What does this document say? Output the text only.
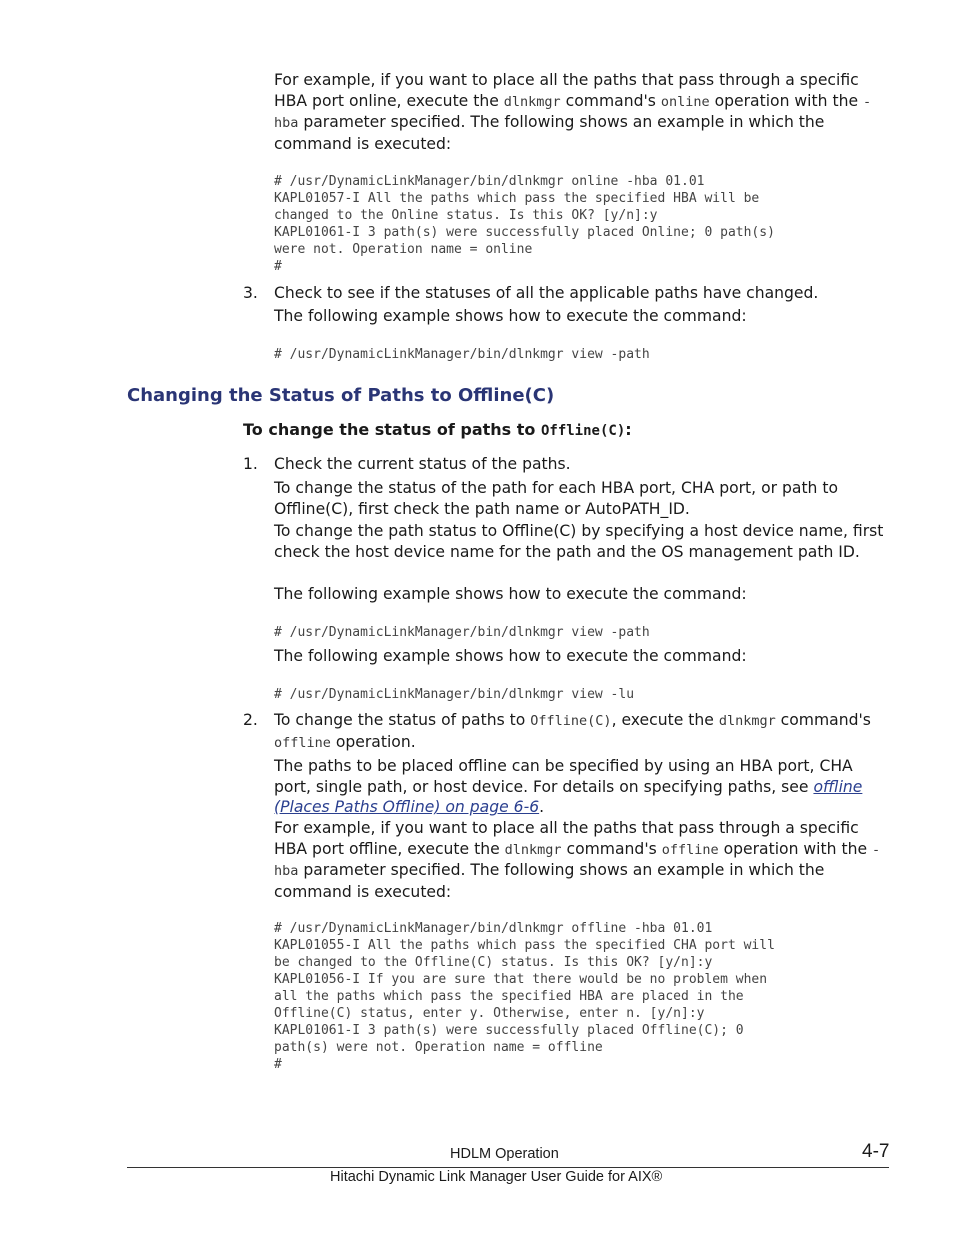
For example, if you want to place all the paths that pass through a specific HBA port online, execute the dlnkmgr command's online operation with the -hba parameter specified. The following shows an example in which the command is executed:
# /usr/DynamicLinkManager/bin/dlnkmgr online -hba 01.01
KAPL01057-I All the paths which pass the specified HBA will be
changed to the Online status. Is this OK? [y/n]:y
KAPL01061-I 3 path(s) were successfully placed Online; 0 path(s)
were not. Operation name = online
#
3. Check to see if the statuses of all the applicable paths have changed.
The following example shows how to execute the command:
# /usr/DynamicLinkManager/bin/dlnkmgr view -path
Changing the Status of Paths to Offline(C)
To change the status of paths to Offline(C):
1. Check the current status of the paths.
To change the status of the path for each HBA port, CHA port, or path to Offline(C), first check the path name or AutoPATH_ID.
To change the path status to Offline(C) by specifying a host device name, first check the host device name for the path and the OS management path ID.
The following example shows how to execute the command:
# /usr/DynamicLinkManager/bin/dlnkmgr view -path
The following example shows how to execute the command:
# /usr/DynamicLinkManager/bin/dlnkmgr view -lu
2. To change the status of paths to Offline(C), execute the dlnkmgr command's offline operation.
The paths to be placed offline can be specified by using an HBA port, CHA port, single path, or host device. For details on specifying paths, see offline (Places Paths Offline) on page 6-6.
For example, if you want to place all the paths that pass through a specific HBA port offline, execute the dlnkmgr command's offline operation with the -hba parameter specified. The following shows an example in which the command is executed:
# /usr/DynamicLinkManager/bin/dlnkmgr offline -hba 01.01
KAPL01055-I All the paths which pass the specified CHA port will
be changed to the Offline(C) status. Is this OK? [y/n]:y
KAPL01056-I If you are sure that there would be no problem when
all the paths which pass the specified HBA are placed in the
Offline(C) status, enter y. Otherwise, enter n. [y/n]:y
KAPL01061-I 3 path(s) were successfully placed Offline(C); 0
path(s) were not. Operation name = offline
#
HDLM Operation	4-7
Hitachi Dynamic Link Manager User Guide for AIX®
